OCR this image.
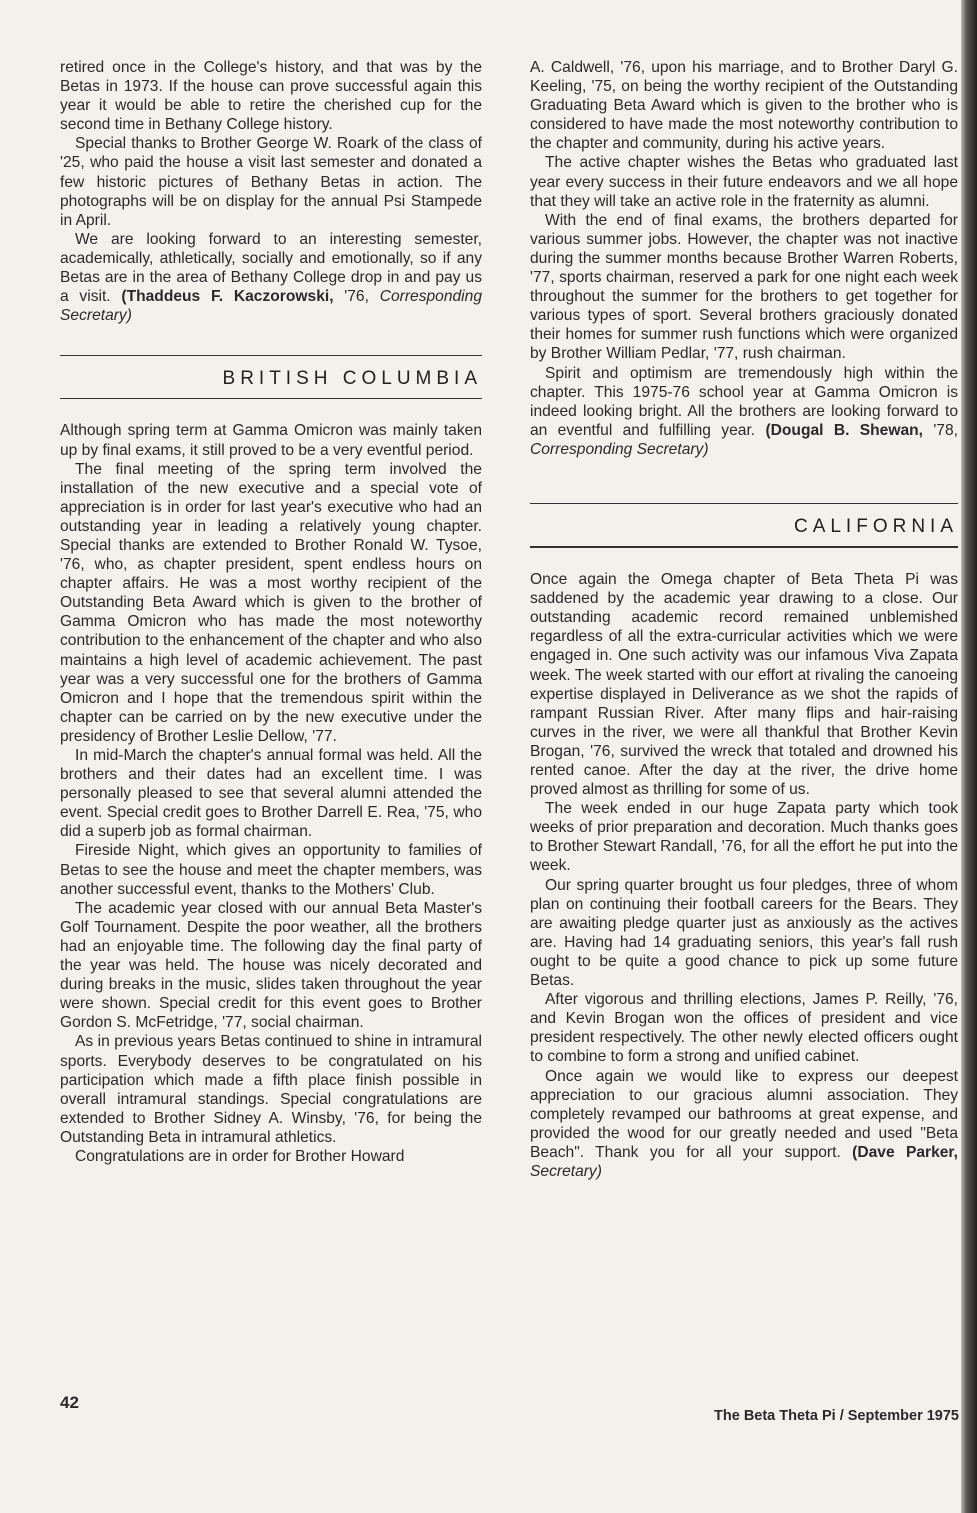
retired once in the College's history, and that was by the Betas in 1973. If the house can prove successful again this year it would be able to retire the cherished cup for the second time in Bethany College history.

Special thanks to Brother George W. Roark of the class of '25, who paid the house a visit last semester and donated a few historic pictures of Bethany Betas in action. The photographs will be on display for the annual Psi Stampede in April.

We are looking forward to an interesting semester, academically, athletically, socially and emotionally, so if any Betas are in the area of Bethany College drop in and pay us a visit. (Thaddeus F. Kaczorowski, '76, Corresponding Secretary)

BRITISH COLUMBIA

Although spring term at Gamma Omicron was mainly taken up by final exams, it still proved to be a very eventful period.

The final meeting of the spring term involved the installation of the new executive and a special vote of appreciation is in order for last year's executive who had an outstanding year in leading a relatively young chapter. Special thanks are extended to Brother Ronald W. Tysoe, '76, who, as chapter president, spent endless hours on chapter affairs. He was a most worthy recipient of the Outstanding Beta Award which is given to the brother of Gamma Omicron who has made the most noteworthy contribution to the enhancement of the chapter and who also maintains a high level of academic achievement. The past year was a very successful one for the brothers of Gamma Omicron and I hope that the tremendous spirit within the chapter can be carried on by the new executive under the presidency of Brother Leslie Dellow, '77.

In mid-March the chapter's annual formal was held. All the brothers and their dates had an excellent time. I was personally pleased to see that several alumni attended the event. Special credit goes to Brother Darrell E. Rea, '75, who did a superb job as formal chairman.

Fireside Night, which gives an opportunity to families of Betas to see the house and meet the chapter members, was another successful event, thanks to the Mothers' Club.

The academic year closed with our annual Beta Master's Golf Tournament. Despite the poor weather, all the brothers had an enjoyable time. The following day the final party of the year was held. The house was nicely decorated and during breaks in the music, slides taken throughout the year were shown. Special credit for this event goes to Brother Gordon S. McFetridge, '77, social chairman.

As in previous years Betas continued to shine in intramural sports. Everybody deserves to be congratulated on his participation which made a fifth place finish possible in overall intramural standings. Special congratulations are extended to Brother Sidney A. Winsby, '76, for being the Outstanding Beta in intramural athletics.

Congratulations are in order for Brother Howard

A. Caldwell, '76, upon his marriage, and to Brother Daryl G. Keeling, '75, on being the worthy recipient of the Outstanding Graduating Beta Award which is given to the brother who is considered to have made the most noteworthy contribution to the chapter and community, during his active years.

The active chapter wishes the Betas who graduated last year every success in their future endeavors and we all hope that they will take an active role in the fraternity as alumni.

With the end of final exams, the brothers departed for various summer jobs. However, the chapter was not inactive during the summer months because Brother Warren Roberts, '77, sports chairman, reserved a park for one night each week throughout the summer for the brothers to get together for various types of sport. Several brothers graciously donated their homes for summer rush functions which were organized by Brother William Pedlar, '77, rush chairman.

Spirit and optimism are tremendously high within the chapter. This 1975-76 school year at Gamma Omicron is indeed looking bright. All the brothers are looking forward to an eventful and fulfilling year. (Dougal B. Shewan, '78, Corresponding Secretary)

CALIFORNIA

Once again the Omega chapter of Beta Theta Pi was saddened by the academic year drawing to a close. Our outstanding academic record remained unblemished regardless of all the extra-curricular activities which we were engaged in. One such activity was our infamous Viva Zapata week. The week started with our effort at rivaling the canoeing expertise displayed in Deliverance as we shot the rapids of rampant Russian River. After many flips and hair-raising curves in the river, we were all thankful that Brother Kevin Brogan, '76, survived the wreck that totaled and drowned his rented canoe. After the day at the river, the drive home proved almost as thrilling for some of us.

The week ended in our huge Zapata party which took weeks of prior preparation and decoration. Much thanks goes to Brother Stewart Randall, '76, for all the effort he put into the week.

Our spring quarter brought us four pledges, three of whom plan on continuing their football careers for the Bears. They are awaiting pledge quarter just as anxiously as the actives are. Having had 14 graduating seniors, this year's fall rush ought to be quite a good chance to pick up some future Betas.

After vigorous and thrilling elections, James P. Reilly, '76, and Kevin Brogan won the offices of president and vice president respectively. The other newly elected officers ought to combine to form a strong and unified cabinet.

Once again we would like to express our deepest appreciation to our gracious alumni association. They completely revamped our bathrooms at great expense, and provided the wood for our greatly needed and used "Beta Beach". Thank you for all your support. (Dave Parker, Secretary)

42
The Beta Theta Pi / September 1975
